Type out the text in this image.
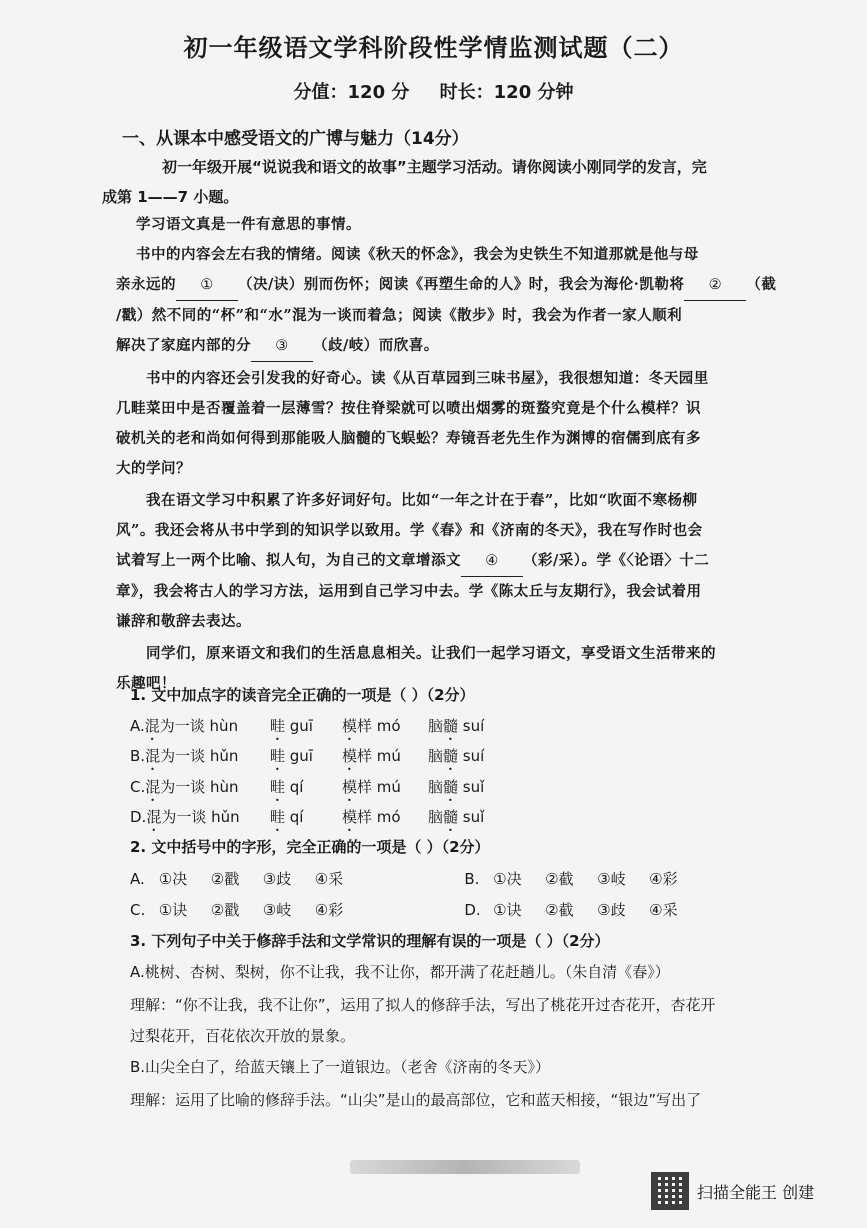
初一年级语文学科阶段性学情监测试题（二）
分值：120 分 时长：120 分钟
一、从课本中感受语文的广博与魅力（14分）
初一年级开展“说说我和语文的故事”主题学习活动。请你阅读小刚同学的发言，完
成第 1——7 小题。
学习语文真是一件有意思的事情。
书中的内容会左右我的情绪。阅读《秋天的怀念》，我会为史铁生不知道那就是他与母
亲永远的 ① （决/诀）别而伤怀；阅读《再塑生命的人》时，我会为海伦·凯勒将 ② （截
/戳）然不同的“杯”和“水”混为一谈而着急；阅读《散步》时，我会为作者一家人顺利
解决了家庭内部的分 ③ （歧/岐）而欣喜。
书中的内容还会引发我的好奇心。读《从百草园到三味书屋》，我很想知道：冬天园里
几畦菜田中是否覆盖着一层薄雪？按住脊梁就可以喷出烟雾的斑蝥究竟是个什么模样？识
破机关的老和尚如何得到那能吸人脑髓的飞蜈蚣？寿镜吾老先生作为渊博的宿儒到底有多
大的学问？
我在语文学习中积累了许多好词好句。比如“一年之计在于春”，比如“吹面不寒杨柳
风”。我还会将从书中学到的知识学以致用。学《春》和《济南的冬天》，我在写作时也会
试着写上一两个比喻、拟人句，为自己的文章增添文 ④ （彩/采）。学《〈论语〉十二
章》，我会将古人的学习方法，运用到自己学习中去。学《陈太丘与友期行》，我会试着用
谦辞和敬辞去表达。
同学们，原来语文和我们的生活息息相关。让我们一起学习语文，享受语文生活带来的
乐趣吧！
1. 文中加点字的读音完全正确的一项是（ ）（2分）
A.混为一谈 hùn 畦 guī 模样 mó 脑髓 suí
B.混为一谈 hǔn 畦 guī 模样 mú 脑髓 suí
C.混为一谈 hùn 畦 qí	模样 mú 脑髓 suǐ
D.混为一谈 hǔn 畦 qí	模样 mó 脑髓 suǐ
2. 文中括号中的字形，完全正确的一项是（ ）（2分）
A. ①决 ②戳 ③歧 ④采	B. ①决 ②截 ③岐 ④彩
C. ①诀 ②戳 ③岐 ④彩	D. ①诀 ②截 ③歧 ④采
3. 下列句子中关于修辞手法和文学常识的理解有误的一项是（ ）（2分）
A.桃树、杏树、梨树，你不让我，我不让你，都开满了花赶趟儿。（朱自清《春》）
理解：“你不让我，我不让你”，运用了拟人的修辞手法，写出了桃花开过杏花开，杏花开
过梨花开，百花依次开放的景象。
B.山尖全白了，给蓝天镶上了一道银边。（老舍《济南的冬天》）
理解：运用了比喻的修辞手法。“山尖”是山的最高部位，它和蓝天相接，“银边”写出了
扫描全能王 创建
